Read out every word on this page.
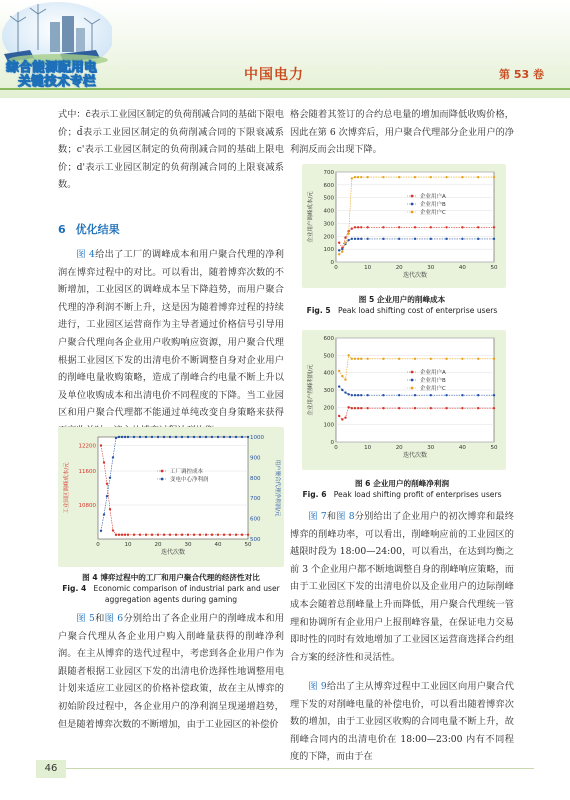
综合能源配用电
关键技术专栏	中国电力	第 53 卷
式中：c̄表示工业园区制定的负荷削减合同的基础下限电价；d̄表示工业园区制定的负荷削减合同的下限衰减系数；c'表示工业园区制定的负荷削减合同的基础上限电价；d'表示工业园区制定的负荷削减合同的上限衰减系数。
6 优化结果
图 4给出了工厂的调峰成本和用户聚合代理的净利润在博弈过程中的对比。可以看出，随着博弈次数的不断增加，工业园区的调峰成本呈下降趋势，而用户聚合代理的净利润不断上升，这是因为随着博弈过程的持续进行，工业园区运营商作为主导者通过价格信号引导用户聚合代理向各企业用户收购响应资源，用户聚合代理根据工业园区下发的出清电价不断调整自身对企业用户的削峰电量收购策略，造成了削峰合约电量不断上升以及单位收购成本和出清电价不同程度的下降。当工业园区和用户聚合代理都不能通过单纯改变自身策略来获得
10800
11600
12200
500
600
700
800
900
1000
0	10	20	30	40	50
迭代次数
工业园区调峰成本/元	用户聚合代理净利润/元
工厂调控成本
变电中心净利润
图 4 博弈过程中的工厂和用户聚合代理的经济性对比
Fig. 4 Economic comparison of industrial park and user aggregation agents during gaming
图 5和图 6分别给出了各企业用户的削峰成本和用户聚合代理从各企业用户购入削峰量获得的削峰净利润。在主从博弈的迭代过程中，考虑到各企业用户作为跟随者根据工业园区下发的出清电价选择性地调整用电计划来适应工业园区的价格补偿政策，故在主从博弈的初始阶段过程中，各企业用户的净利润呈现递增趋势，但是随着博弈次数的不断增加，由于工业园区的补偿价
格会随着其签订的合约总电量的增加而降低收购价格，因此在第 6 次博弈后，用户聚合代理部分企业用户的净利润反而会出现下降。
0
100
200
300
400
500
600
700
0	10	20	30	40	50
迭代次数
企业用户调峰成本/元	企业用户A
企业用户B
企业用户C
图 5 企业用户的削峰成本
Fig. 5 Peak load shifting cost of enterprise users
0
100
200
300
400
500
600
0	10	20	30	40	50
迭代次数
企业用户削峰利润/元	企业用户A
企业用户B
企业用户C
图 6 企业用户的削峰净利润
Fig. 6 Peak load shifting profit of enterprises users
图 7和图 8分别给出了企业用户的初次博弈和最终博弈的削峰功率，可以看出，削峰响应前的工业园区的越限时段为 18:00—24:00，可以看出，在达到均衡之前 3 个企业用户都不断地调整自身的削峰响应策略，而由于工业园区下发的出清电价以及企业用户的边际削峰成本会随着总削峰量上升而降低，用户聚合代理统一管理和协调所有企业用户上报削峰容量，在保证电力交易即时性的同时有效地增加了工业园区运营商选择合约组合方案的经济性和灵活性。
图 9给出了主从博弈过程中工业园区向用户聚合代理下发的对削峰电量的补偿电价，可以看出随着博弈次数的增加，由于工业园区收购的合同电量不断上升，故削峰合同内的出清电价在 18:00—23:00 内有不同程度的下降，而由于在
46
